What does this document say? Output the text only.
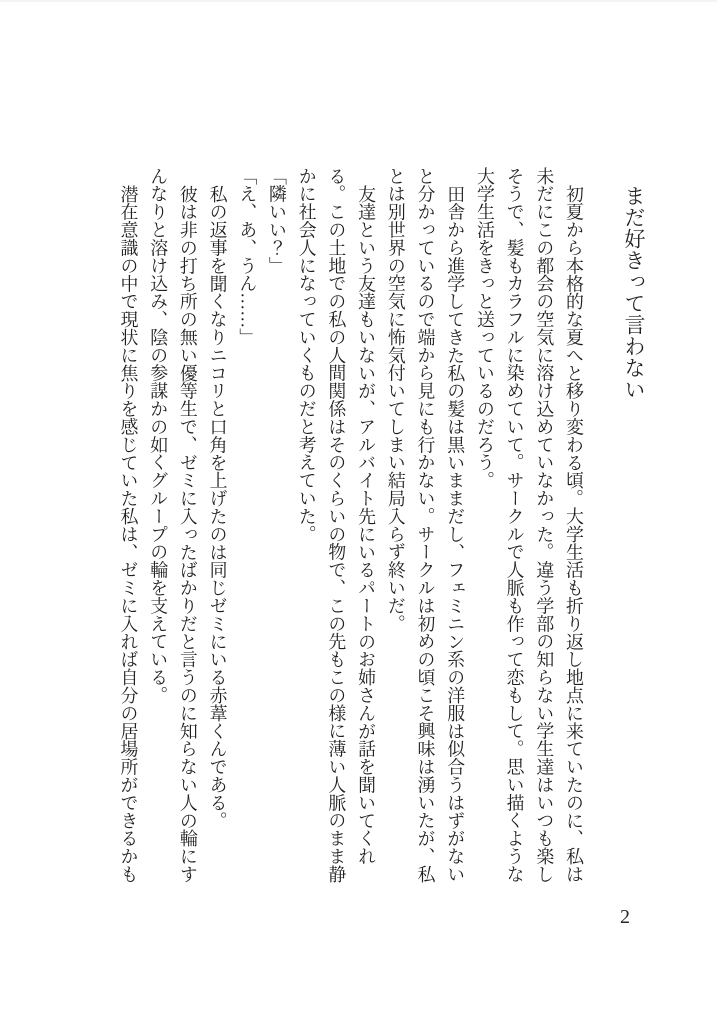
まだ好きって言わない

初夏から本格的な夏へと移り変わる頃。大学生活も折り返し地点に来ていたのに、私は未だにこの都会の空気に溶け込めていなかった。違う学部の知らない学生達はいつも楽しそうで、髪もカラフルに染めていて。サークルで人脈も作って恋もして。思い描くような大学生活をきっと送っているのだろう。

田舎から進学してきた私の髪は黒いままだし、フェミニン系の洋服は似合うはずがないと分かっているので端から見にも行かない。サークルは初めの頃こそ興味は湧いたが、私とは別世界の空気に怖気付いてしまい結局入らず終いだ。

友達という友達もいないが、アルバイト先にいるパートのお姉さんが話を聞いてくれる。この土地での私の人間関係はそのくらいの物で、この先もこの様に薄い人脈のまま静かに社会人になっていくものだと考えていた。

「隣いい？」

「え、あ、うん……」

私の返事を聞くなりニコリと口角を上げたのは同じゼミにいる赤葦くんである。

彼は非の打ち所の無い優等生で、ゼミに入ったばかりだと言うのに知らない人の輪にすんなりと溶け込み、陰の参謀かの如くグループの輪を支えている。

潜在意識の中で現状に焦りを感じていた私は、ゼミに入れば自分の居場所ができるかも

2
